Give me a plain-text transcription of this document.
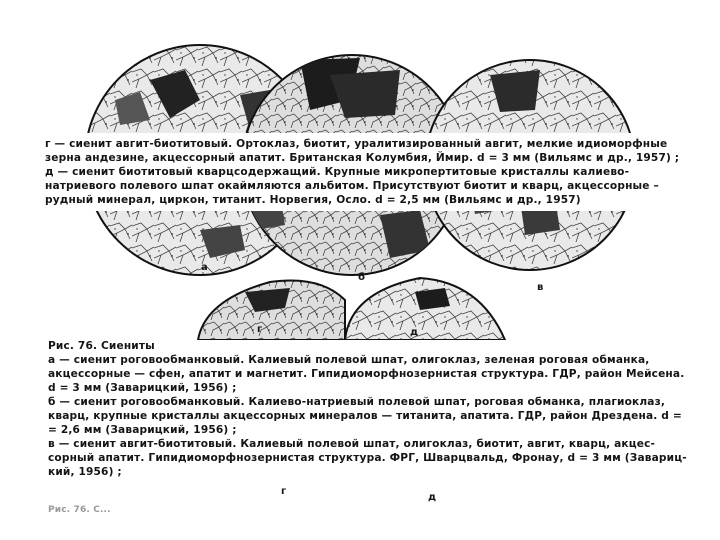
г — сиенит авгит-биотитовый. Ортоклаз, биотит, уралитизированный авгит, мелкие идиоморфные
зерна андезине, акцессорный апатит. Британская Колумбия, Ймир. d = 3 мм (Вильямс и др., 1957) ;
д — сиенит биотитовый кварцсодержащий. Крупные микропертитовые кристаллы калиево-
натриевого полевого шпат окаймляются альбитом. Присутствуют биотит и кварц, акцессорные –
рудный минерал, циркон, титанит. Норвегия, Осло. d = 2,5 мм (Вильямс и др., 1957)
а
б
в
г	д
Рис. 76. Сиениты
а — сиенит роговообманковый. Калиевый полевой шпат, олигоклаз, зеленая роговая обманка,
акцессорные — сфен, апатит и магнетит. Гипидиоморфнозернистая структура. ГДР, район Мейсена.
d = 3 мм (Заварицкий, 1956) ;
б — сиенит роговообманковый. Калиево-натриевый полевой шпат, роговая обманка, плагиоклаз,
кварц, крупные кристаллы акцессорных минералов — титанита, апатита. ГДР, район Дрездена. d =
= 2,6 мм (Заварицкий, 1956) ;
в — сиенит авгит-биотитовый. Калиевый полевой шпат, олигоклаз, биотит, авгит, кварц, акцес-
сорный апатит. Гипидиоморфнозернистая структура. ФРГ, Шварцвальд, Фронау, d = 3 мм (Завариц-
кий, 1956) ;
г
д
Рис. 76. С...
